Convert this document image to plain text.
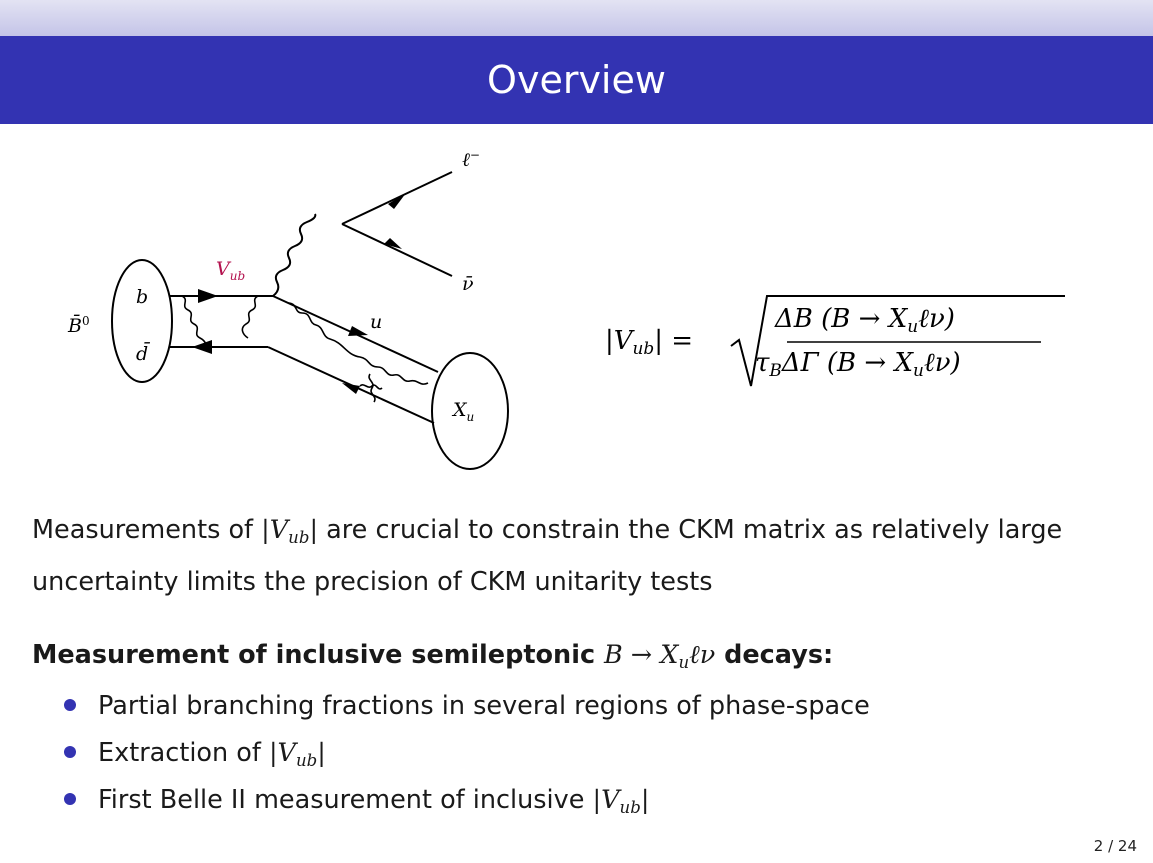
Overview
B̄$^0$
b
d̄
$V_{ub}$
ℓ−
ν̄
u
$X_u$
$|V_{ub}|$ =
ΔB $(B \to X_u\ell\nu)$
$\tau_B\Delta\Gamma$ $(B \to X_u\ell\nu)$
Measurements of $|V_{ub}|$ are crucial to constrain the CKM matrix as relatively large uncertainty limits the precision of CKM unitarity tests
Measurement of inclusive semileptonic $B \to X_u\ell\nu$ decays:
Partial branching fractions in several regions of phase-space
Extraction of $|V_{ub}|$
First Belle II measurement of inclusive $|V_{ub}|$
2 / 24
